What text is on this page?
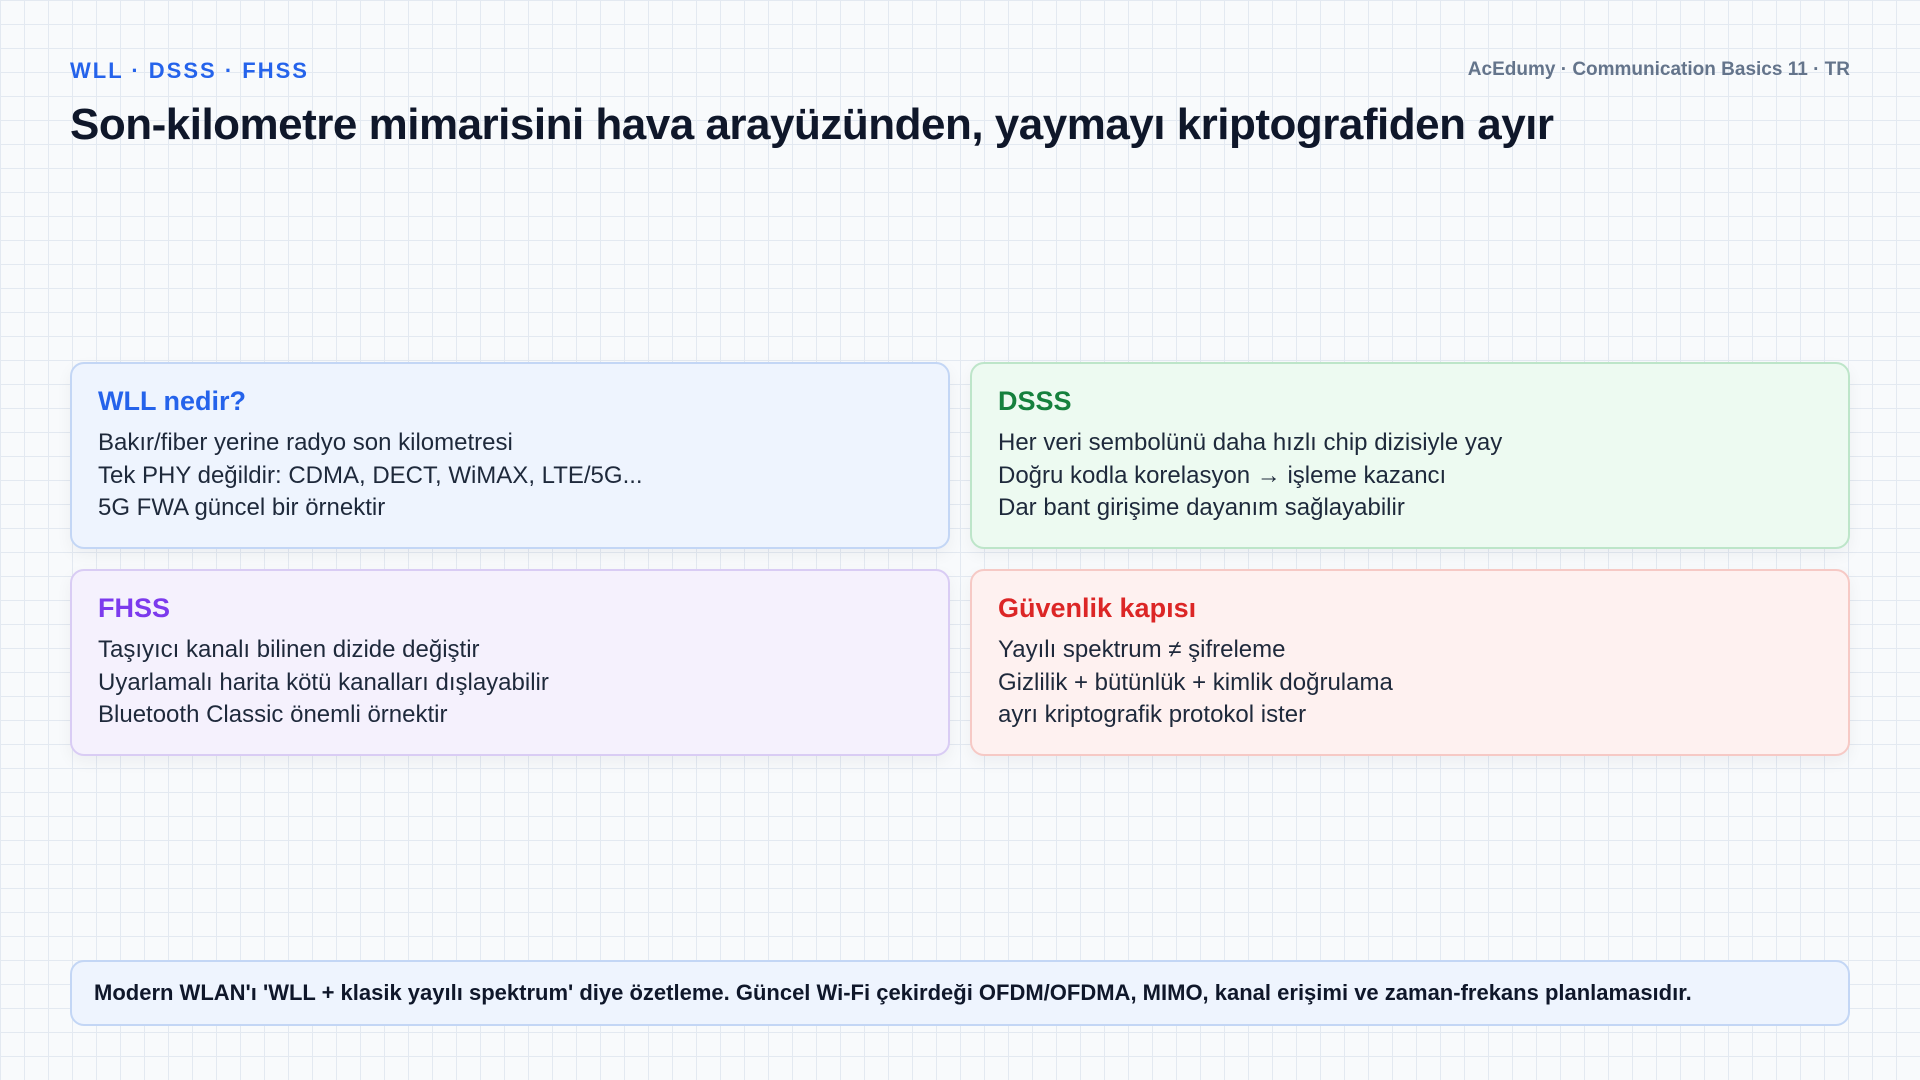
WLL · DSSS · FHSS	AcEdumy · Communication Basics 11 · TR
Son-kilometre mimarisini hava arayüzünden, yaymayı kriptografiden ayır
WLL nedir?
Bakır/fiber yerine radyo son kilometresi
Tek PHY değildir: CDMA, DECT, WiMAX, LTE/5G...
5G FWA güncel bir örnektir
DSSS
Her veri sembolünü daha hızlı chip dizisiyle yay
Doğru kodla korelasyon → işleme kazancı
Dar bant girişime dayanım sağlayabilir
FHSS
Taşıyıcı kanalı bilinen dizide değiştir
Uyarlamalı harita kötü kanalları dışlayabilir
Bluetooth Classic önemli örnektir
Güvenlik kapısı
Yayılı spektrum ≠ şifreleme
Gizlilik + bütünlük + kimlik doğrulama
ayrı kriptografik protokol ister
Modern WLAN'ı 'WLL + klasik yayılı spektrum' diye özetleme. Güncel Wi-Fi çekirdeği OFDM/OFDMA, MIMO, kanal erişimi ve zaman-frekans planlamasıdır.
